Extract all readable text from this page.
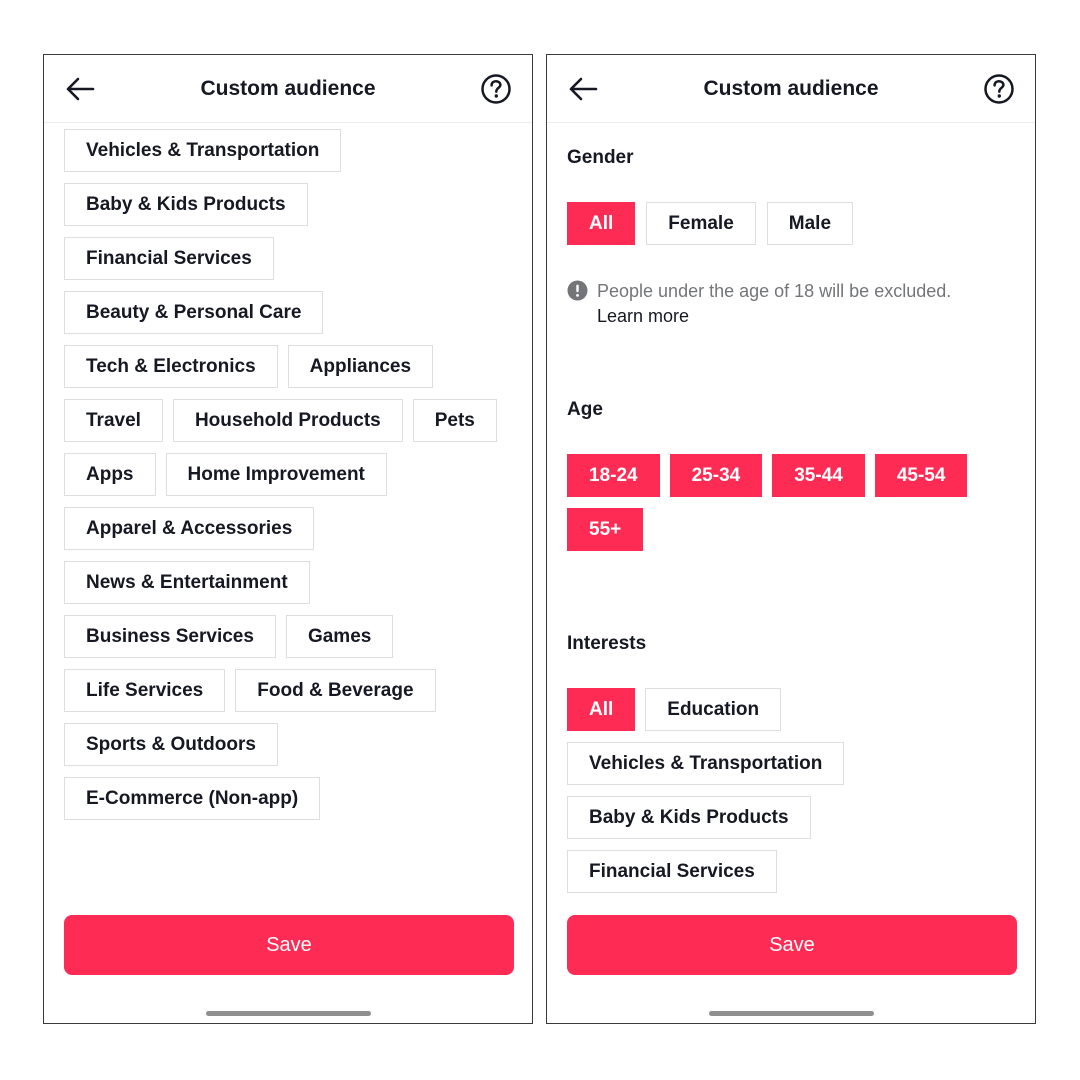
Custom audience
Vehicles & Transportation
Baby & Kids Products
Financial Services
Beauty & Personal Care
Tech & Electronics	Appliances
Travel	Household Products	Pets
Apps	Home Improvement
Apparel & Accessories
News & Entertainment
Business Services	Games
Life Services	Food & Beverage
Sports & Outdoors
E-Commerce (Non-app)
Save
Custom audience
Gender
All	Female	Male
People under the age of 18 will be excluded.
Learn more
Age
18-24	25-34	35-44	45-54
55+
Interests
All	Education
Vehicles & Transportation
Baby & Kids Products
Financial Services
Save
